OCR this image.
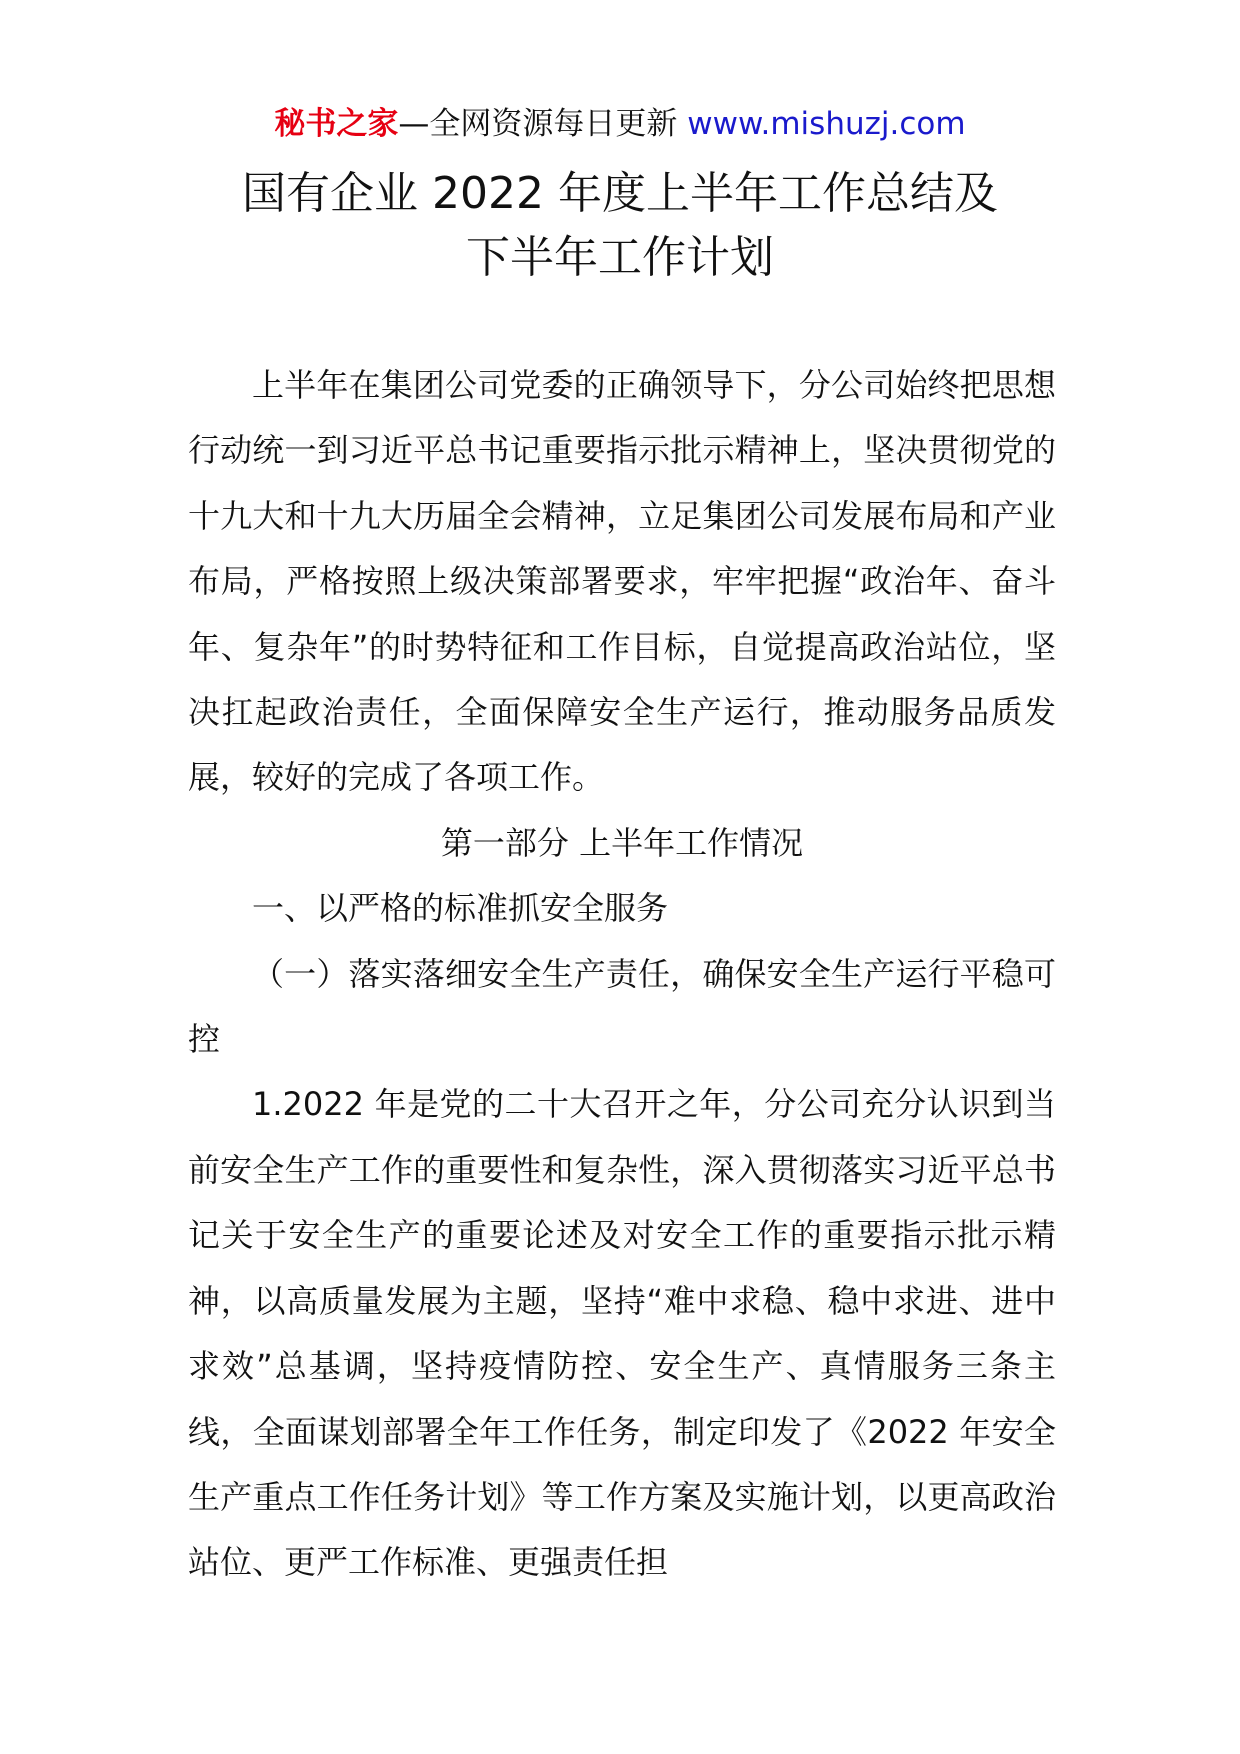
秘书之家—全网资源每日更新 www.mishuzj.com
国有企业 2022 年度上半年工作总结及
下半年工作计划

上半年在集团公司党委的正确领导下，分公司始终把思想行动统一到习近平总书记重要指示批示精神上，坚决贯彻党的十九大和十九大历届全会精神，立足集团公司发展布局和产业布局，严格按照上级决策部署要求，牢牢把握“政治年、奋斗年、复杂年”的时势特征和工作目标，自觉提高政治站位，坚决扛起政治责任，全面保障安全生产运行，推动服务品质发展，较好的完成了各项工作。

第一部分 上半年工作情况

一、以严格的标准抓安全服务

（一）落实落细安全生产责任，确保安全生产运行平稳可控

1.2022 年是党的二十大召开之年，分公司充分认识到当前安全生产工作的重要性和复杂性，深入贯彻落实习近平总书记关于安全生产的重要论述及对安全工作的重要指示批示精神，以高质量发展为主题，坚持“难中求稳、稳中求进、进中求效”总基调，坚持疫情防控、安全生产、真情服务三条主线，全面谋划部署全年工作任务，制定印发了《2022 年安全生产重点工作任务计划》等工作方案及实施计划，以更高政治站位、更严工作标准、更强责任担
